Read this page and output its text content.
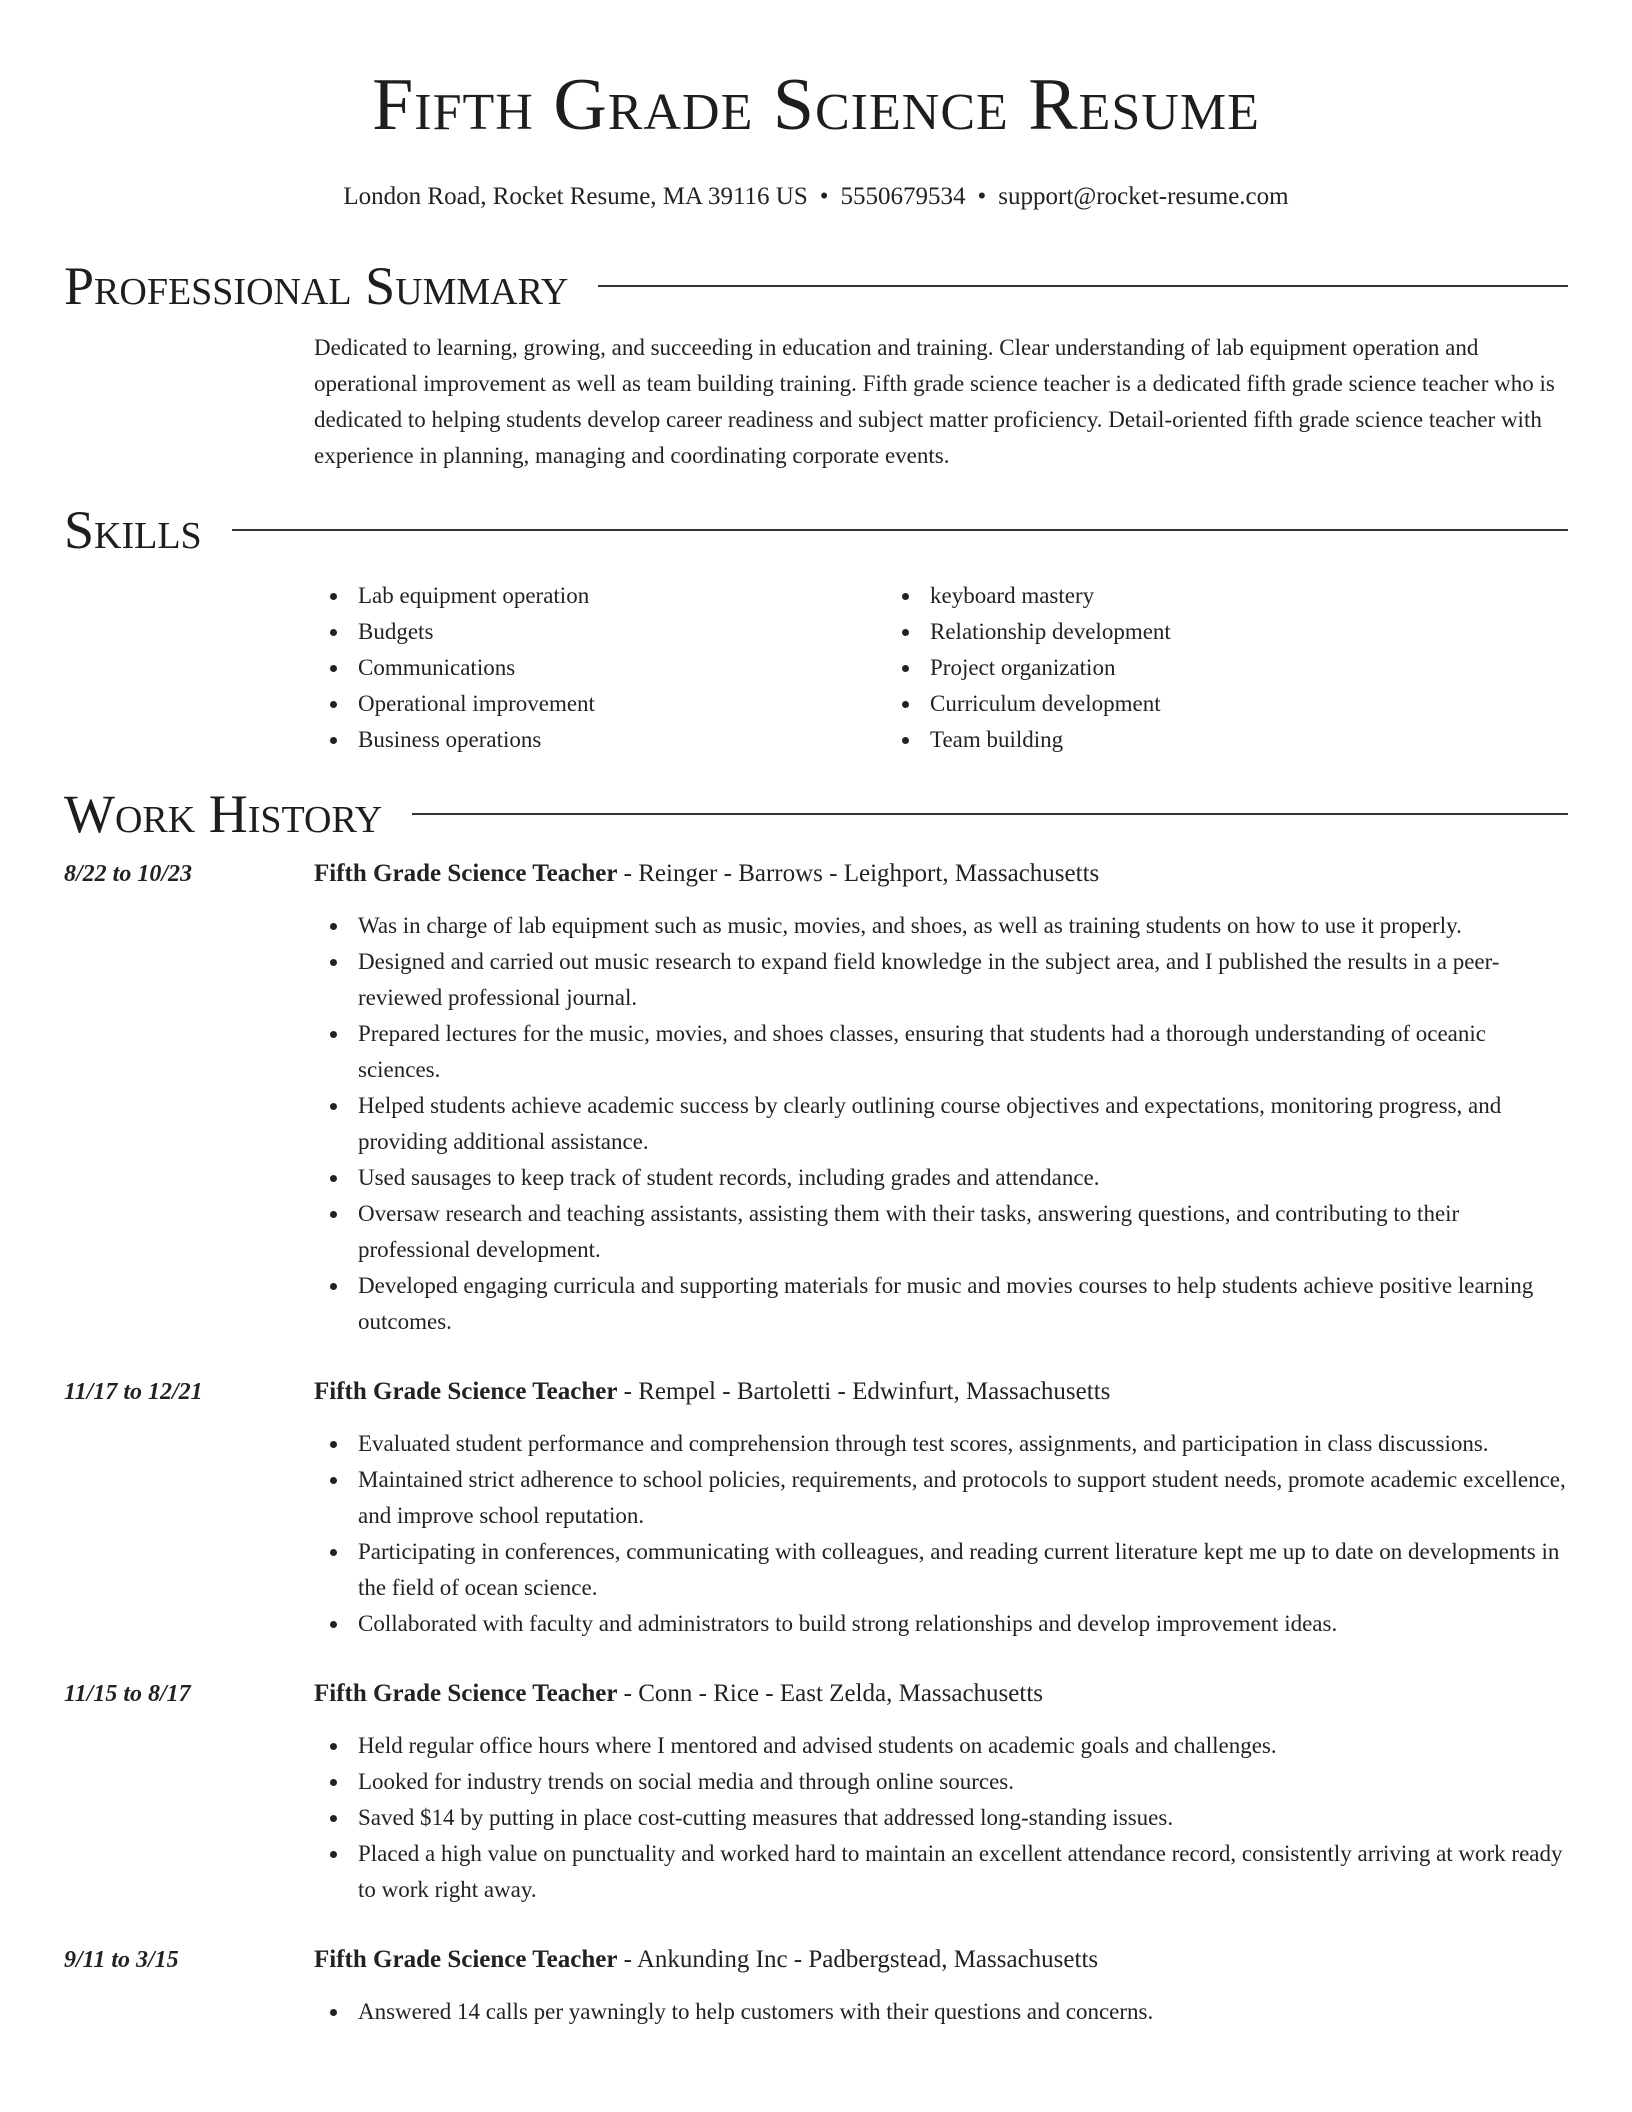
Fifth Grade Science Resume
London Road, Rocket Resume, MA 39116 US • 5550679534 • support@rocket-resume.com
Professional Summary
Dedicated to learning, growing, and succeeding in education and training. Clear understanding of lab equipment operation and operational improvement as well as team building training. Fifth grade science teacher is a dedicated fifth grade science teacher who is dedicated to helping students develop career readiness and subject matter proficiency. Detail-oriented fifth grade science teacher with experience in planning, managing and coordinating corporate events.
Skills
Lab equipment operation
Budgets
Communications
Operational improvement
Business operations
keyboard mastery
Relationship development
Project organization
Curriculum development
Team building
Work History
8/22 to 10/23	Fifth Grade Science Teacher - Reinger - Barrows - Leighport, Massachusetts
Was in charge of lab equipment such as music, movies, and shoes, as well as training students on how to use it properly.
Designed and carried out music research to expand field knowledge in the subject area, and I published the results in a peer-reviewed professional journal.
Prepared lectures for the music, movies, and shoes classes, ensuring that students had a thorough understanding of oceanic sciences.
Helped students achieve academic success by clearly outlining course objectives and expectations, monitoring progress, and providing additional assistance.
Used sausages to keep track of student records, including grades and attendance.
Oversaw research and teaching assistants, assisting them with their tasks, answering questions, and contributing to their professional development.
Developed engaging curricula and supporting materials for music and movies courses to help students achieve positive learning outcomes.
11/17 to 12/21	Fifth Grade Science Teacher - Rempel - Bartoletti - Edwinfurt, Massachusetts
Evaluated student performance and comprehension through test scores, assignments, and participation in class discussions.
Maintained strict adherence to school policies, requirements, and protocols to support student needs, promote academic excellence, and improve school reputation.
Participating in conferences, communicating with colleagues, and reading current literature kept me up to date on developments in the field of ocean science.
Collaborated with faculty and administrators to build strong relationships and develop improvement ideas.
11/15 to 8/17	Fifth Grade Science Teacher - Conn - Rice - East Zelda, Massachusetts
Held regular office hours where I mentored and advised students on academic goals and challenges.
Looked for industry trends on social media and through online sources.
Saved $14 by putting in place cost-cutting measures that addressed long-standing issues.
Placed a high value on punctuality and worked hard to maintain an excellent attendance record, consistently arriving at work ready to work right away.
9/11 to 3/15	Fifth Grade Science Teacher - Ankunding Inc - Padbergstead, Massachusetts
Answered 14 calls per yawningly to help customers with their questions and concerns.
